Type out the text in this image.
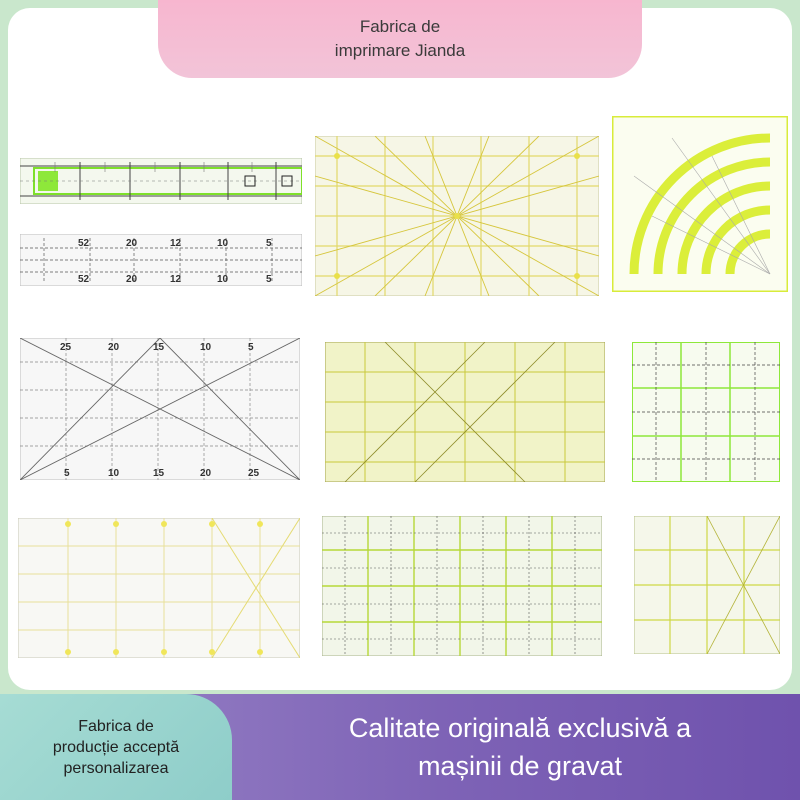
Fabrica de
imprimare Jianda
52	20	12	10	5
52	20	12	10	5
25	20	15	10	5
5	10	15	20	25
Fabrica de
producție acceptă
personalizarea
Calitate originală exclusivă a
mașinii de gravat
